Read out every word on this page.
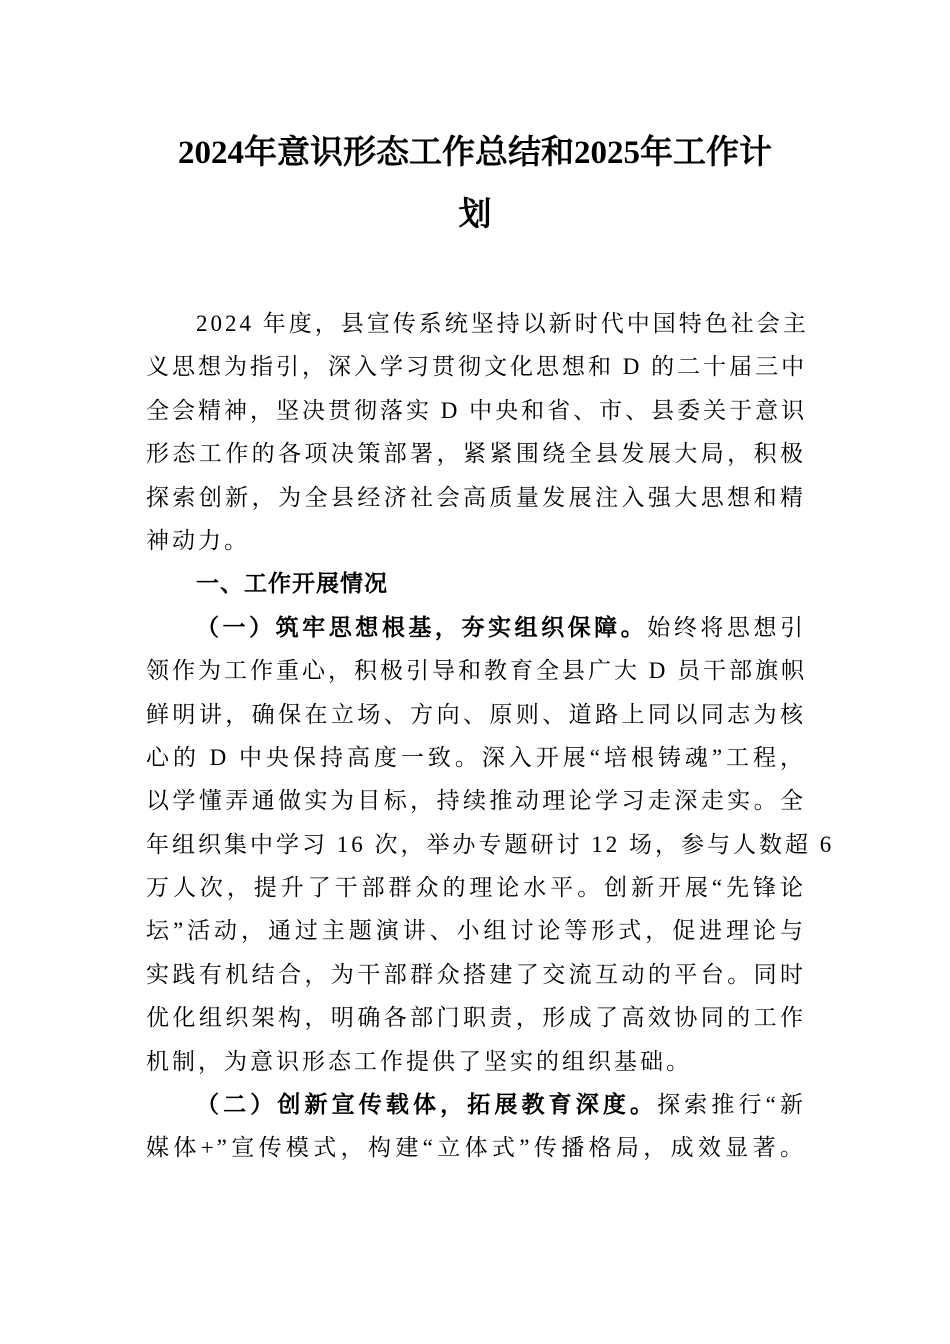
2024年意识形态工作总结和2025年工作计
划
2024 年度，县宣传系统坚持以新时代中国特色社会主
义思想为指引，深入学习贯彻文化思想和 D 的二十届三中
全会精神，坚决贯彻落实 D 中央和省、市、县委关于意识
形态工作的各项决策部署，紧紧围绕全县发展大局，积极
探索创新，为全县经济社会高质量发展注入强大思想和精
神动力。
一、工作开展情况
（一）筑牢思想根基，夯实组织保障。始终将思想引
领作为工作重心，积极引导和教育全县广大 D 员干部旗帜
鲜明讲，确保在立场、方向、原则、道路上同以同志为核
心的 D 中央保持高度一致。深入开展“培根铸魂”工程，
以学懂弄通做实为目标，持续推动理论学习走深走实。全
年组织集中学习 16 次，举办专题研讨 12 场，参与人数超 6
万人次，提升了干部群众的理论水平。创新开展“先锋论
坛”活动，通过主题演讲、小组讨论等形式，促进理论与
实践有机结合，为干部群众搭建了交流互动的平台。同时
优化组织架构，明确各部门职责，形成了高效协同的工作
机制，为意识形态工作提供了坚实的组织基础。
（二）创新宣传载体，拓展教育深度。探索推行“新
媒体+”宣传模式，构建“立体式”传播格局，成效显著。
